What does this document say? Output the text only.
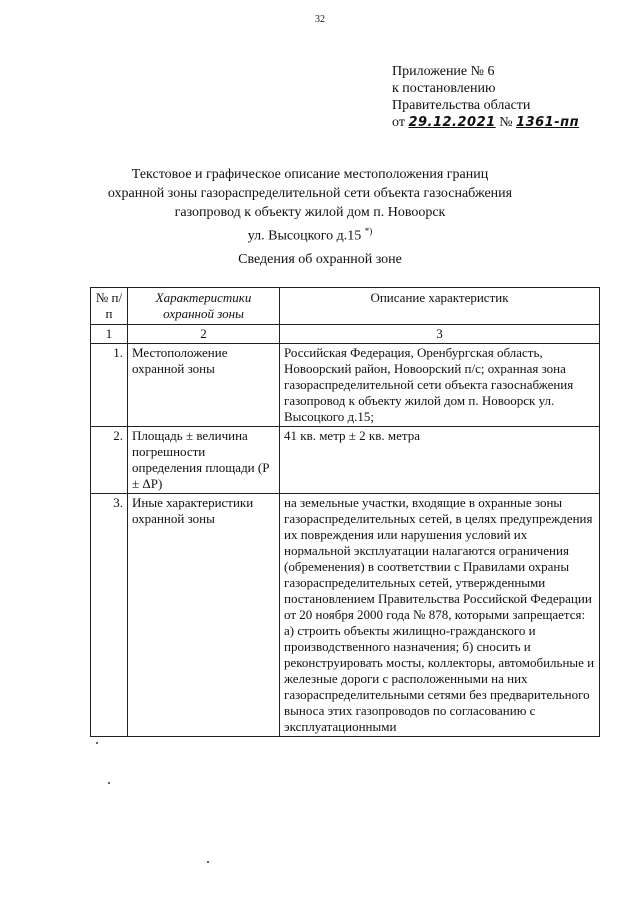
32
Приложение № 6
к постановлению
Правительства области
от 29.12.2021 № 1361-пп
Текстовое и графическое описание местоположения границ
охранной зоны газораспределительной сети объекта газоснабжения
газопровод к объекту жилой дом п. Новоорск
ул. Высоцкого д.15 *)
Сведения об охранной зоне
№ п/п	Характеристики охранной зоны	Описание характеристик
1	2	3
1.	Местоположение охранной зоны	Российская Федерация, Оренбургская область, Новоорский район, Новоорский п/с; охранная зона газораспределительной сети объекта газоснабжения газопровод к объекту жилой дом п. Новоорск ул. Высоцкого д.15;
2.	Площадь ± величина погрешности определения площади (Р ± ΔР)	41 кв. метр ± 2 кв. метра
3.	Иные характеристики охранной зоны	на земельные участки, входящие в охранные зоны газораспределительных сетей, в целях предупреждения их повреждения или нарушения условий их нормальной эксплуатации налагаются ограничения (обременения) в соответствии с Правилами охраны газораспределительных сетей, утвержденными постановлением Правительства Российской Федерации от 20 ноября 2000 года № 878, которыми запрещается: а) строить объекты жилищно-гражданского и производственного назначения; б) сносить и реконструировать мосты, коллекторы, автомобильные и железные дороги с расположенными на них газораспределительными сетями без предварительного выноса этих газопроводов по согласованию с эксплуатационными
